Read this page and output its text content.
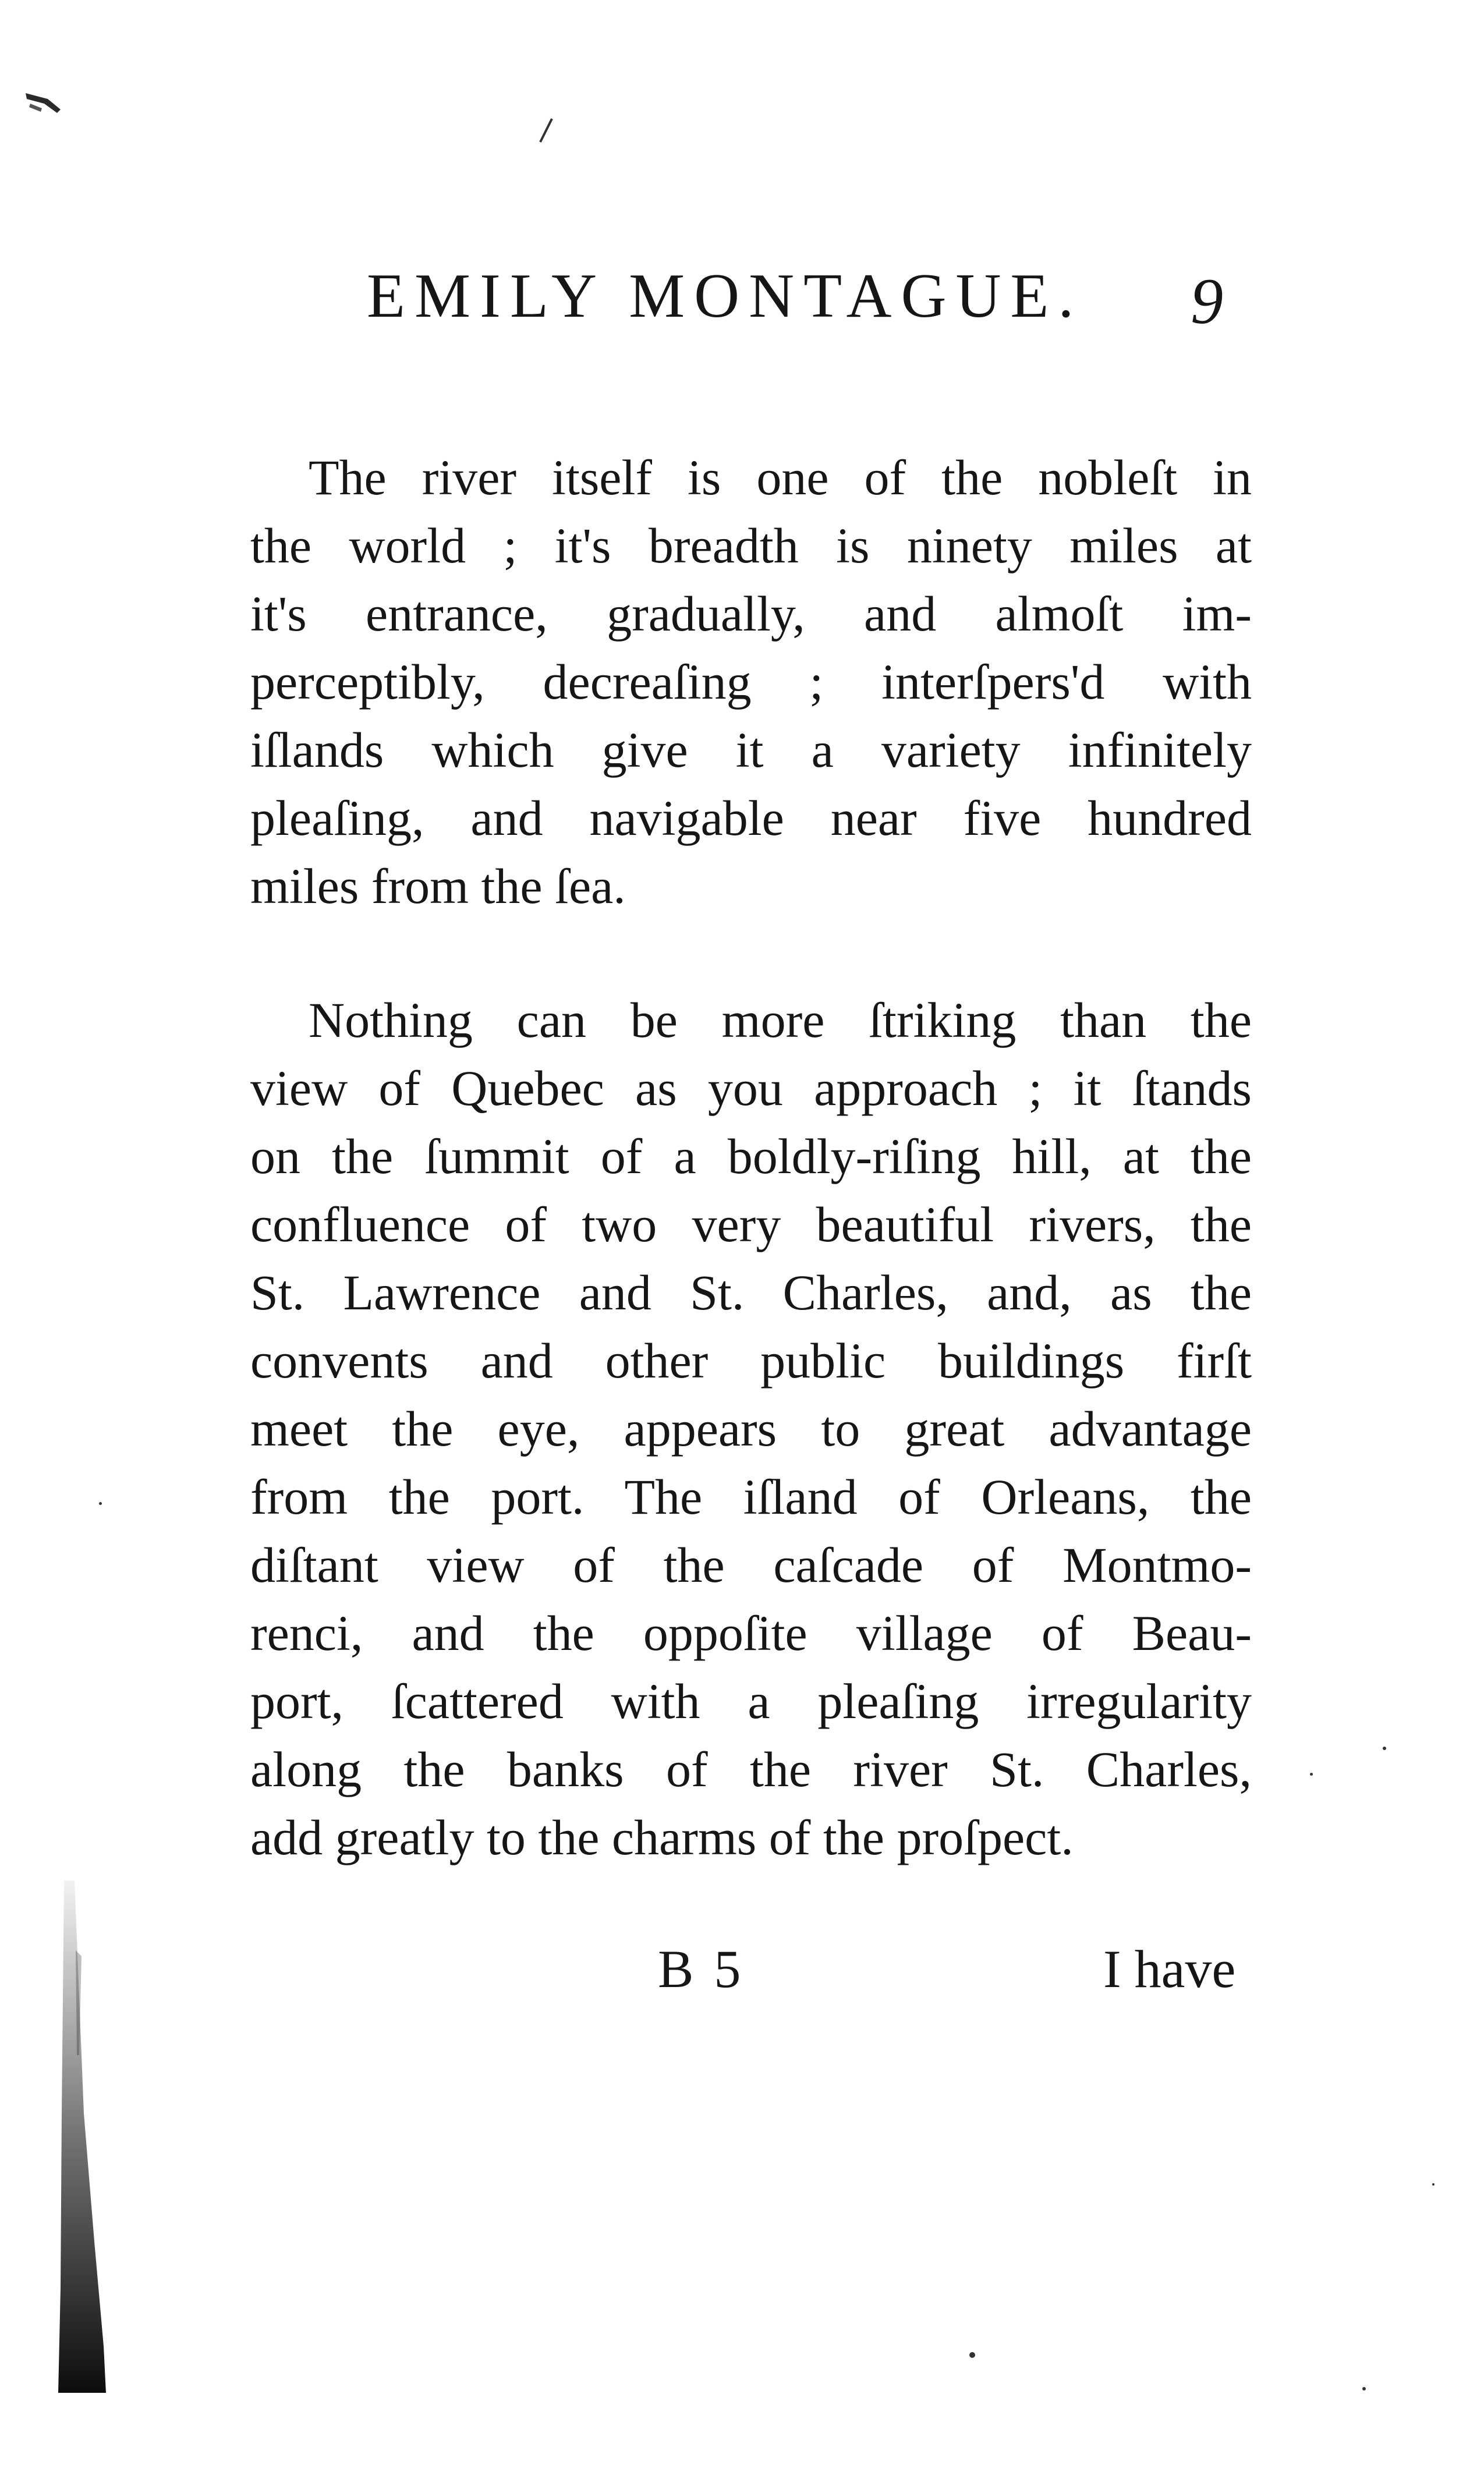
EMILY MONTAGUE. 9
The river itself is one of the nobleſt in
the world ; it's breadth is ninety miles at
it's entrance, gradually, and almoſt im-
perceptibly, decreaſing ; interſpers'd with
iſlands which give it a variety infinitely
pleaſing, and navigable near five hundred
miles from the ſea.
Nothing can be more ſtriking than the
view of Quebec as you approach ; it ſtands
on the ſummit of a boldly-riſing hill, at the
confluence of two very beautiful rivers, the
St. Lawrence and St. Charles, and, as the
convents and other public buildings firſt
meet the eye, appears to great advantage
from the port. The iſland of Orleans, the
diſtant view of the caſcade of Montmo-
renci, and the oppoſite village of Beau-
port, ſcattered with a pleaſing irregularity
along the banks of the river St. Charles,
add greatly to the charms of the proſpect.
B 5	I have
